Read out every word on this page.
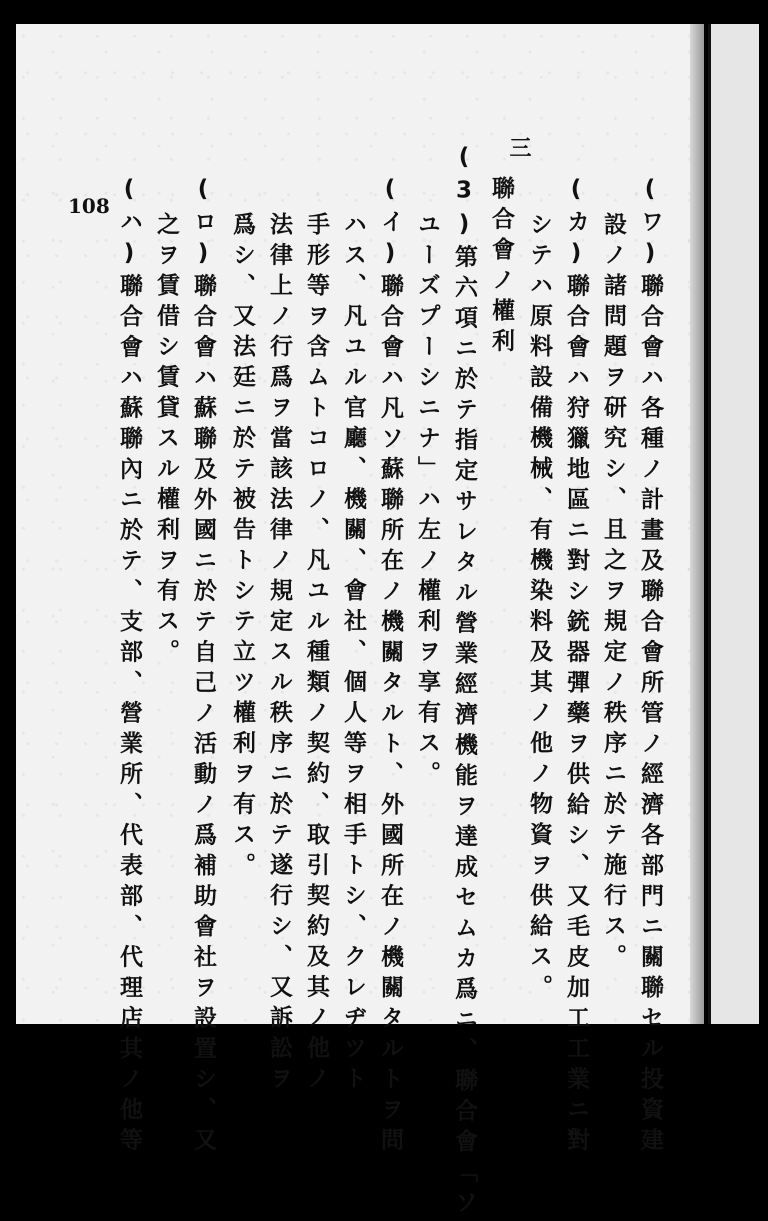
三
108	(ワ)聯合會ハ各種ノ計畫及聯合會所管ノ經濟各部門ニ關聯セル投資建
設ノ諸問題ヲ研究シ、且之ヲ規定ノ秩序ニ於テ施行ス。
(カ)聯合會ハ狩獵地區ニ對シ銃器彈藥ヲ供給シ、又毛皮加工工業ニ對
シテハ原料設備機械、有機染料及其ノ他ノ物資ヲ供給ス。
聯合會ノ權利
(3)第六項ニ於テ指定サレタル營業經濟機能ヲ達成セムカ爲ニ、聯合會「ソ
ユーズプーシニナ」ハ左ノ權利ヲ享有ス。
(イ)聯合會ハ凡ソ蘇聯所在ノ機關タルト、外國所在ノ機關タルトヲ問
ハス、凡ユル官廳、機關、會社、個人等ヲ相手トシ、クレヂツト
手形等ヲ含ムトコロノ、凡ユル種類ノ契約、取引契約及其ノ他ノ
法律上ノ行爲ヲ當該法律ノ規定スル秩序ニ於テ遂行シ、又訴訟ヲ
爲シ、又法廷ニ於テ被告トシテ立ツ權利ヲ有ス。
(ロ)聯合會ハ蘇聯及外國ニ於テ自己ノ活動ノ爲補助會社ヲ設置シ、又
之ヲ賃借シ賃貸スル權利ヲ有ス。
(ハ)聯合會ハ蘇聯內ニ於テ、支部、營業所、代表部、代理店其ノ他等
